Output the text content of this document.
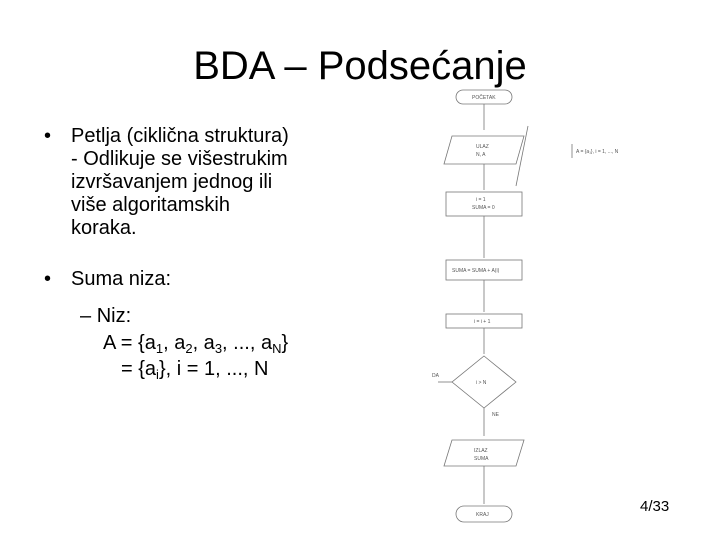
BDA – Podsećanje
• Petlja (ciklična struktura)
- Odlikuje se višestrukim
izvršavanjem jednog ili
više algoritamskih
koraka.
• Suma niza:
– Niz:
$A = \{a_1$, $a_2$, $a_3$, ..., $a_N$}
= $\{a_i\}$, i = 1, ..., N
POČETAK
ULAZ
N, A	A = {a₁}, i = 1, ..., N
i = 1
SUMA = 0
SUMA = SUMA + A(i)
i = i + 1
DA
i > N
NE
IZLAZ
SUMA
KRAJ	4/33
